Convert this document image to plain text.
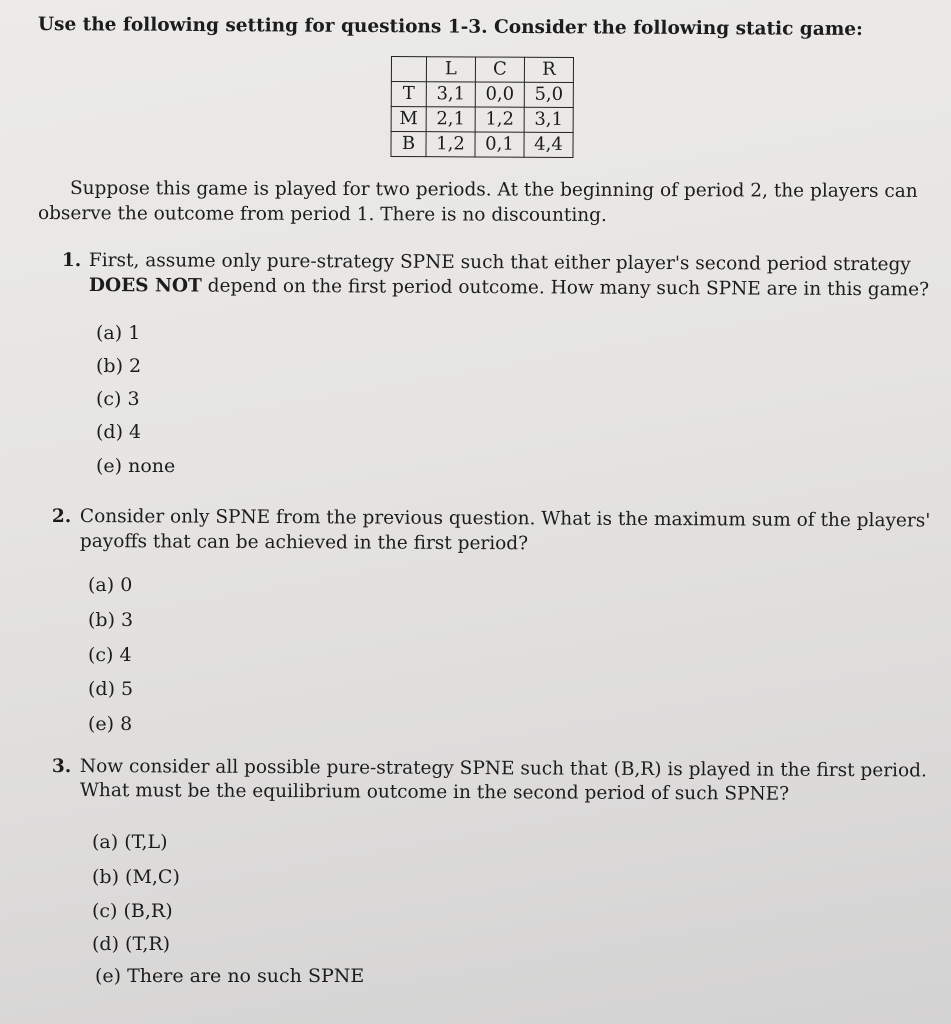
Use the following setting for questions 1-3. Consider the following static game:
	L	C	R
T	3,1	0,0	5,0
M	2,1	1,2	3,1
B	1,2	0,1	4,4
Suppose this game is played for two periods. At the beginning of period 2, the players can
observe the outcome from period 1. There is no discounting.
1. First, assume only pure-strategy SPNE such that either player's second period strategy
DOES NOT depend on the first period outcome. How many such SPNE are in this game?
(a) 1
(b) 2
(c) 3
(d) 4
(e) none
2. Consider only SPNE from the previous question. What is the maximum sum of the players'
payoffs that can be achieved in the first period?
(a) 0
(b) 3
(c) 4
(d) 5
(e) 8
3. Now consider all possible pure-strategy SPNE such that (B,R) is played in the first period.
What must be the equilibrium outcome in the second period of such SPNE?
(a) (T,L)
(b) (M,C)
(c) (B,R)
(d) (T,R)
(e) There are no such SPNE
